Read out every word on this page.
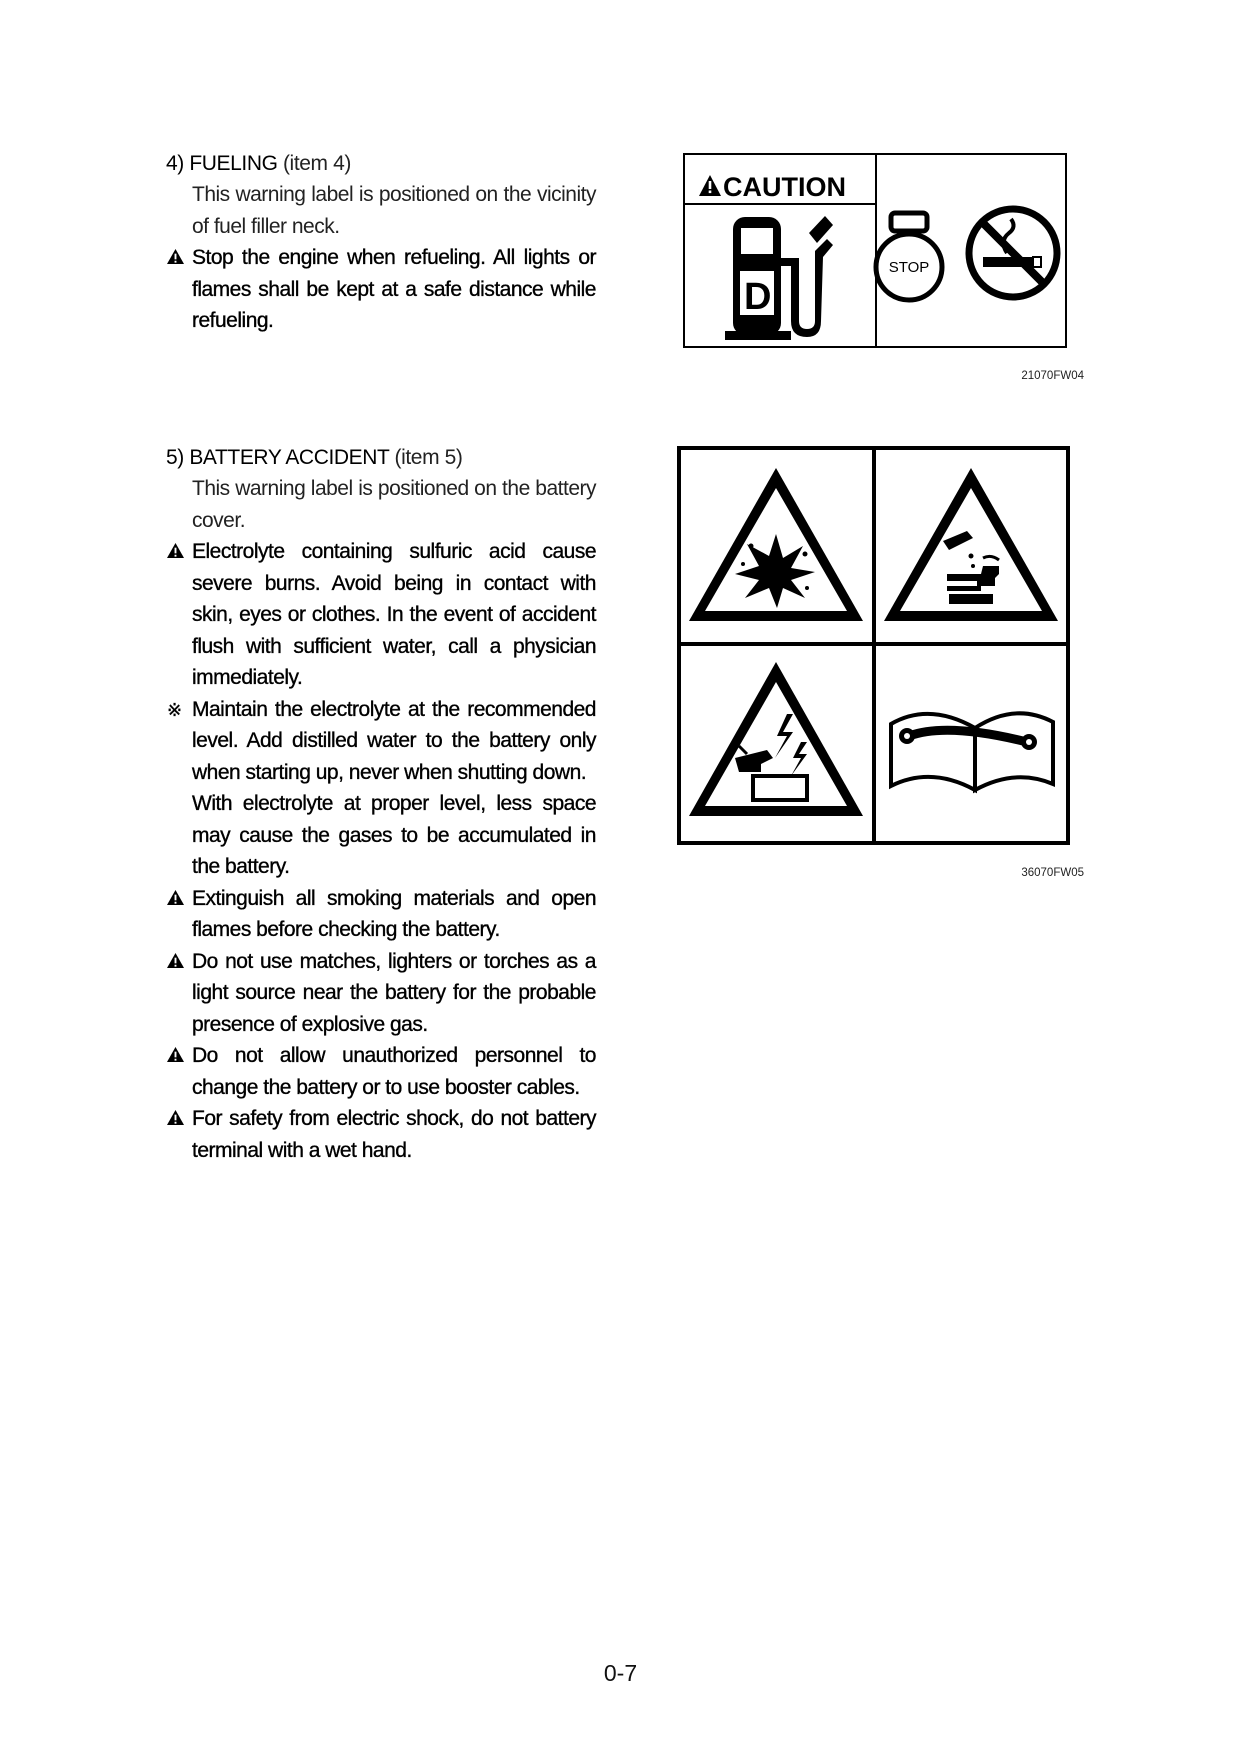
4) FUELING (item 4)
This warning label is positioned on the vicinity of fuel filler neck.
Stop the engine when refueling. All lights or flames shall be kept at a safe distance while refueling.
CAUTION
D
STOP
21070FW04
5) BATTERY ACCIDENT (item 5)
This warning label is positioned on the battery cover.
Electrolyte containing sulfuric acid cause severe burns. Avoid being in contact with skin, eyes or clothes. In the event of accident flush with sufficient water, call a physician immediately.
※ Maintain the electrolyte at the recommended level. Add distilled water to the battery only when starting up, never when shutting down.
With electrolyte at proper level, less space may cause the gases to be accumulated in the battery.
Extinguish all smoking materials and open flames before checking the battery.
Do not use matches, lighters or torches as a light source near the battery for the probable presence of explosive gas.
Do not allow unauthorized personnel to change the battery or to use booster cables.
For safety from electric shock, do not battery terminal with a wet hand.
36070FW05
0-7
